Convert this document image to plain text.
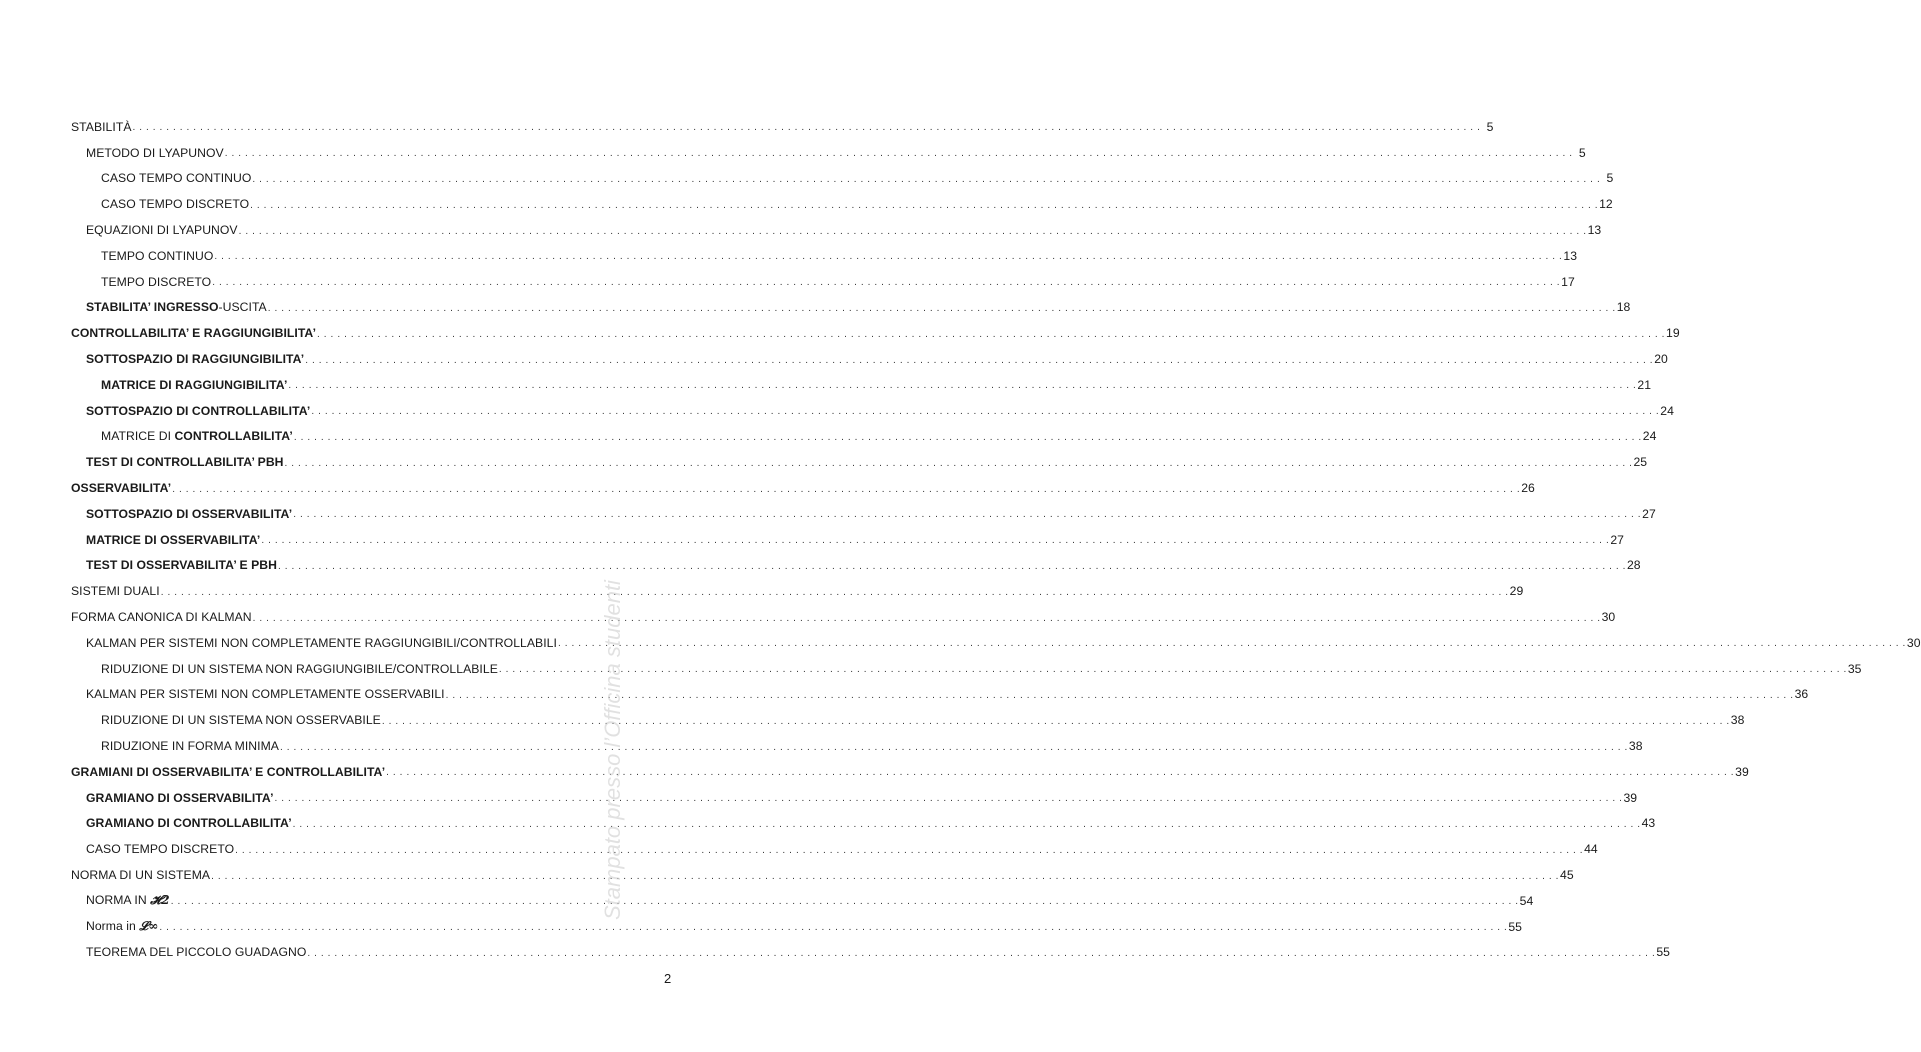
STABILITÀ . . . . . . . . . . . . . . . . . . . . . . . . . . . . . . . . . . . . . . . . . . . . . . . . . . . . . . . . . . . . . . . . . . . . . . . . . . . . . . . . . . . . . . . . . . . . . . . . . . . . . . . . . . . . . . . . . . . . . . . . . . . . . . . . . . . . . . . . . . . . . . . . . . . . . . . . . . . . . . . . . . . . . . . . . . . . . . . . . . . . . . . . . . . . . . . . . . . . . . . . 5
METODO DI LYAPUNOV . . . . . . . . . . . . . . . . . . . . . . . . . . . . . . . . . . . . . . . . . . . . . . . . . . . . . . . . . . . . . . . . . . . . . . . . . . . . . . . . . . . . . . . . . . . . . . . . . . . . . . . . . . . . . . . . . . . . . . . . . . . . . . . . . . . . . . . . . . . . . . . . . . . . . . . . . . . . . . . . . . . . . . . . . . . . . . . . . . . . . . . . . . . . . . . . . . . . . . . . 5
CASO TEMPO CONTINUO . . . . . . . . . . . . . . . . . . . . . . . . . . . . . . . . . . . . . . . . . . . . . . . . . . . . . . . . . . . . . . . . . . . . . . . . . . . . . . . . . . . . . . . . . . . . . . . . . . . . . . . . . . . . . . . . . . . . . . . . . . . . . . . . . . . . . . . . . . . . . . . . . . . . . . . . . . . . . . . . . . . . . . . . . . . . . . . . . . . . . . . . . . . . . . . . . . . . . . . . 5
CASO TEMPO DISCRETO . . . . . . . . . . . . . . . . . . . . . . . . . . . . . . . . . . . . . . . . . . . . . . . . . . . . . . . . . . . . . . . . . . . . . . . . . . . . . . . . . . . . . . . . . . . . . . . . . . . . . . . . . . . . . . . . . . . . . . . . . . . . . . . . . . . . . . . . . . . . . . . . . . . . . . . . . . . . . . . . . . . . . . . . . . . . . . . . . . . . . . . . . . . . . . . . . . . . . . . . 12
EQUAZIONI DI LYAPUNOV . . . . . . . . . . . . . . . . . . . . . . . . . . . . . . . . . . . . . . . . . . . . . . . . . . . . . . . . . . . . . . . . . . . . . . . . . . . . . . . . . . . . . . . . . . . . . . . . . . . . . . . . . . . . . . . . . . . . . . . . . . . . . . . . . . . . . . . . . . . . . . . . . . . . . . . . . . . . . . . . . . . . . . . . . . . . . . . . . . . . . . . . . . . . . . . . . . . . . . . . 13
TEMPO CONTINUO . . . . . . . . . . . . . . . . . . . . . . . . . . . . . . . . . . . . . . . . . . . . . . . . . . . . . . . . . . . . . . . . . . . . . . . . . . . . . . . . . . . . . . . . . . . . . . . . . . . . . . . . . . . . . . . . . . . . . . . . . . . . . . . . . . . . . . . . . . . . . . . . . . . . . . . . . . . . . . . . . . . . . . . . . . . . . . . . . . . . . . . . . . . . . . . . . . . . . . . . 13
TEMPO DISCRETO . . . . . . . . . . . . . . . . . . . . . . . . . . . . . . . . . . . . . . . . . . . . . . . . . . . . . . . . . . . . . . . . . . . . . . . . . . . . . . . . . . . . . . . . . . . . . . . . . . . . . . . . . . . . . . . . . . . . . . . . . . . . . . . . . . . . . . . . . . . . . . . . . . . . . . . . . . . . . . . . . . . . . . . . . . . . . . . . . . . . . . . . . . . . . . . . . . . . . . . . 17
STABILITA’ INGRESSO-USCITA . . . . . . . . . . . . . . . . . . . . . . . . . . . . . . . . . . . . . . . . . . . . . . . . . . . . . . . . . . . . . . . . . . . . . . . . . . . . . . . . . . . . . . . . . . . . . . . . . . . . . . . . . . . . . . . . . . . . . . . . . . . . . . . . . . . . . . . . . . . . . . . . . . . . . . . . . . . . . . . . . . . . . . . . . . . . . . . . . . . . . . . . . . . . . . . . . . . . . . . . 18
CONTROLLABILITA’ E RAGGIUNGIBILITA’ . . . . . . . . . . . . . . . . . . . . . . . . . . . . . . . . . . . . . . . . . . . . . . . . . . . . . . . . . . . . . . . . . . . . . . . . . . . . . . . . . . . . . . . . . . . . . . . . . . . . . . . . . . . . . . . . . . . . . . . . . . . . . . . . . . . . . . . . . . . . . . . . . . . . . . . . . . . . . . . . . . . . . . . . . . . . . . . . . . . . . . . . . . . . . . . . . . . . . . . . 19
SOTTOSPAZIO DI RAGGIUNGIBILITA’ . . . . . . . . . . . . . . . . . . . . . . . . . . . . . . . . . . . . . . . . . . . . . . . . . . . . . . . . . . . . . . . . . . . . . . . . . . . . . . . . . . . . . . . . . . . . . . . . . . . . . . . . . . . . . . . . . . . . . . . . . . . . . . . . . . . . . . . . . . . . . . . . . . . . . . . . . . . . . . . . . . . . . . . . . . . . . . . . . . . . . . . . . . . . . . . . . . . . . . . . 20
MATRICE DI RAGGIUNGIBILITA’ . . . . . . . . . . . . . . . . . . . . . . . . . . . . . . . . . . . . . . . . . . . . . . . . . . . . . . . . . . . . . . . . . . . . . . . . . . . . . . . . . . . . . . . . . . . . . . . . . . . . . . . . . . . . . . . . . . . . . . . . . . . . . . . . . . . . . . . . . . . . . . . . . . . . . . . . . . . . . . . . . . . . . . . . . . . . . . . . . . . . . . . . . . . . . . . . . . . . . . . . 21
SOTTOSPAZIO DI CONTROLLABILITA’ . . . . . . . . . . . . . . . . . . . . . . . . . . . . . . . . . . . . . . . . . . . . . . . . . . . . . . . . . . . . . . . . . . . . . . . . . . . . . . . . . . . . . . . . . . . . . . . . . . . . . . . . . . . . . . . . . . . . . . . . . . . . . . . . . . . . . . . . . . . . . . . . . . . . . . . . . . . . . . . . . . . . . . . . . . . . . . . . . . . . . . . . . . . . . . . . . . . . . . . . 24
MATRICE DI CONTROLLABILITA’ . . . . . . . . . . . . . . . . . . . . . . . . . . . . . . . . . . . . . . . . . . . . . . . . . . . . . . . . . . . . . . . . . . . . . . . . . . . . . . . . . . . . . . . . . . . . . . . . . . . . . . . . . . . . . . . . . . . . . . . . . . . . . . . . . . . . . . . . . . . . . . . . . . . . . . . . . . . . . . . . . . . . . . . . . . . . . . . . . . . . . . . . . . . . . . . . . . . . . . . . 24
TEST DI CONTROLLABILITA’ PBH . . . . . . . . . . . . . . . . . . . . . . . . . . . . . . . . . . . . . . . . . . . . . . . . . . . . . . . . . . . . . . . . . . . . . . . . . . . . . . . . . . . . . . . . . . . . . . . . . . . . . . . . . . . . . . . . . . . . . . . . . . . . . . . . . . . . . . . . . . . . . . . . . . . . . . . . . . . . . . . . . . . . . . . . . . . . . . . . . . . . . . . . . . . . . . . . . . . . . . . . 25
OSSERVABILITA’ . . . . . . . . . . . . . . . . . . . . . . . . . . . . . . . . . . . . . . . . . . . . . . . . . . . . . . . . . . . . . . . . . . . . . . . . . . . . . . . . . . . . . . . . . . . . . . . . . . . . . . . . . . . . . . . . . . . . . . . . . . . . . . . . . . . . . . . . . . . . . . . . . . . . . . . . . . . . . . . . . . . . . . . . . . . . . . . . . . . . . . . . . . . . . . . . . . . . . . . . 26
SOTTOSPAZIO DI OSSERVABILITA’ . . . . . . . . . . . . . . . . . . . . . . . . . . . . . . . . . . . . . . . . . . . . . . . . . . . . . . . . . . . . . . . . . . . . . . . . . . . . . . . . . . . . . . . . . . . . . . . . . . . . . . . . . . . . . . . . . . . . . . . . . . . . . . . . . . . . . . . . . . . . . . . . . . . . . . . . . . . . . . . . . . . . . . . . . . . . . . . . . . . . . . . . . . . . . . . . . . . . . . . . 27
MATRICE DI OSSERVABILITA’ . . . . . . . . . . . . . . . . . . . . . . . . . . . . . . . . . . . . . . . . . . . . . . . . . . . . . . . . . . . . . . . . . . . . . . . . . . . . . . . . . . . . . . . . . . . . . . . . . . . . . . . . . . . . . . . . . . . . . . . . . . . . . . . . . . . . . . . . . . . . . . . . . . . . . . . . . . . . . . . . . . . . . . . . . . . . . . . . . . . . . . . . . . . . . . . . . . . . . . . . 27
TEST DI OSSERVABILITA’ E PBH . . . . . . . . . . . . . . . . . . . . . . . . . . . . . . . . . . . . . . . . . . . . . . . . . . . . . . . . . . . . . . . . . . . . . . . . . . . . . . . . . . . . . . . . . . . . . . . . . . . . . . . . . . . . . . . . . . . . . . . . . . . . . . . . . . . . . . . . . . . . . . . . . . . . . . . . . . . . . . . . . . . . . . . . . . . . . . . . . . . . . . . . . . . . . . . . . . . . . . . . 28
SISTEMI DUALI . . . . . . . . . . . . . . . . . . . . . . . . . . . . . . . . . . . . . . . . . . . . . . . . . . . . . . . . . . . . . . . . . . . . . . . . . . . . . . . . . . . . . . . . . . . . . . . . . . . . . . . . . . . . . . . . . . . . . . . . . . . . . . . . . . . . . . . . . . . . . . . . . . . . . . . . . . . . . . . . . . . . . . . . . . . . . . . . . . . . . . . . . . . . . . . . . . . . . . . . 29
FORMA CANONICA DI KALMAN . . . . . . . . . . . . . . . . . . . . . . . . . . . . . . . . . . . . . . . . . . . . . . . . . . . . . . . . . . . . . . . . . . . . . . . . . . . . . . . . . . . . . . . . . . . . . . . . . . . . . . . . . . . . . . . . . . . . . . . . . . . . . . . . . . . . . . . . . . . . . . . . . . . . . . . . . . . . . . . . . . . . . . . . . . . . . . . . . . . . . . . . . . . . . . . . . . . . . . . . 30
KALMAN PER SISTEMI NON COMPLETAMENTE RAGGIUNGIBILI/CONTROLLABILI . . . . . . . . . . . . . . . . . . . . . . . . . . . . . . . . . . . . . . . . . . . . . . . . . . . . . . . . . . . . . . . . . . . . . . . . . . . . . . . . . . . . . . . . . . . . . . . . . . . . . . . . . . . . . . . . . . . . . . . . . . . . . . . . . . . . . . . . . . . . . . . . . . . . . . . . . . . . . . . . . . . . . . . . . . . . . . . . . . . . . . . . . . . . . . . . . . . . . . . . 30
RIDUZIONE DI UN SISTEMA NON RAGGIUNGIBILE/CONTROLLABILE . . . . . . . . . . . . . . . . . . . . . . . . . . . . . . . . . . . . . . . . . . . . . . . . . . . . . . . . . . . . . . . . . . . . . . . . . . . . . . . . . . . . . . . . . . . . . . . . . . . . . . . . . . . . . . . . . . . . . . . . . . . . . . . . . . . . . . . . . . . . . . . . . . . . . . . . . . . . . . . . . . . . . . . . . . . . . . . . . . . . . . . . . . . . . . . . . . . . . . . . 35
KALMAN PER SISTEMI NON COMPLETAMENTE OSSERVABILI . . . . . . . . . . . . . . . . . . . . . . . . . . . . . . . . . . . . . . . . . . . . . . . . . . . . . . . . . . . . . . . . . . . . . . . . . . . . . . . . . . . . . . . . . . . . . . . . . . . . . . . . . . . . . . . . . . . . . . . . . . . . . . . . . . . . . . . . . . . . . . . . . . . . . . . . . . . . . . . . . . . . . . . . . . . . . . . . . . . . . . . . . . . . . . . . . . . . . . . . 36
RIDUZIONE DI UN SISTEMA NON OSSERVABILE . . . . . . . . . . . . . . . . . . . . . . . . . . . . . . . . . . . . . . . . . . . . . . . . . . . . . . . . . . . . . . . . . . . . . . . . . . . . . . . . . . . . . . . . . . . . . . . . . . . . . . . . . . . . . . . . . . . . . . . . . . . . . . . . . . . . . . . . . . . . . . . . . . . . . . . . . . . . . . . . . . . . . . . . . . . . . . . . . . . . . . . . . . . . . . . . . . . . . . . . 38
RIDUZIONE IN FORMA MINIMA . . . . . . . . . . . . . . . . . . . . . . . . . . . . . . . . . . . . . . . . . . . . . . . . . . . . . . . . . . . . . . . . . . . . . . . . . . . . . . . . . . . . . . . . . . . . . . . . . . . . . . . . . . . . . . . . . . . . . . . . . . . . . . . . . . . . . . . . . . . . . . . . . . . . . . . . . . . . . . . . . . . . . . . . . . . . . . . . . . . . . . . . . . . . . . . . . . . . . . . . 38
GRAMIANI DI OSSERVABILITA’ E CONTROLLABILITA’ . . . . . . . . . . . . . . . . . . . . . . . . . . . . . . . . . . . . . . . . . . . . . . . . . . . . . . . . . . . . . . . . . . . . . . . . . . . . . . . . . . . . . . . . . . . . . . . . . . . . . . . . . . . . . . . . . . . . . . . . . . . . . . . . . . . . . . . . . . . . . . . . . . . . . . . . . . . . . . . . . . . . . . . . . . . . . . . . . . . . . . . . . . . . . . . . . . . . . . . . 39
GRAMIANO DI OSSERVABILITA’ . . . . . . . . . . . . . . . . . . . . . . . . . . . . . . . . . . . . . . . . . . . . . . . . . . . . . . . . . . . . . . . . . . . . . . . . . . . . . . . . . . . . . . . . . . . . . . . . . . . . . . . . . . . . . . . . . . . . . . . . . . . . . . . . . . . . . . . . . . . . . . . . . . . . . . . . . . . . . . . . . . . . . . . . . . . . . . . . . . . . . . . . . . . . . . . . . . . . . . . . 39
GRAMIANO DI CONTROLLABILITA’ . . . . . . . . . . . . . . . . . . . . . . . . . . . . . . . . . . . . . . . . . . . . . . . . . . . . . . . . . . . . . . . . . . . . . . . . . . . . . . . . . . . . . . . . . . . . . . . . . . . . . . . . . . . . . . . . . . . . . . . . . . . . . . . . . . . . . . . . . . . . . . . . . . . . . . . . . . . . . . . . . . . . . . . . . . . . . . . . . . . . . . . . . . . . . . . . . . . . . . . . 43
CASO TEMPO DISCRETO . . . . . . . . . . . . . . . . . . . . . . . . . . . . . . . . . . . . . . . . . . . . . . . . . . . . . . . . . . . . . . . . . . . . . . . . . . . . . . . . . . . . . . . . . . . . . . . . . . . . . . . . . . . . . . . . . . . . . . . . . . . . . . . . . . . . . . . . . . . . . . . . . . . . . . . . . . . . . . . . . . . . . . . . . . . . . . . . . . . . . . . . . . . . . . . . . . . . . . . . 44
NORMA DI UN SISTEMA . . . . . . . . . . . . . . . . . . . . . . . . . . . . . . . . . . . . . . . . . . . . . . . . . . . . . . . . . . . . . . . . . . . . . . . . . . . . . . . . . . . . . . . . . . . . . . . . . . . . . . . . . . . . . . . . . . . . . . . . . . . . . . . . . . . . . . . . . . . . . . . . . . . . . . . . . . . . . . . . . . . . . . . . . . . . . . . . . . . . . . . . . . . . . . . . . . . . . . . . 45
NORMA IN 𝓗2 . . . . . . . . . . . . . . . . . . . . . . . . . . . . . . . . . . . . . . . . . . . . . . . . . . . . . . . . . . . . . . . . . . . . . . . . . . . . . . . . . . . . . . . . . . . . . . . . . . . . . . . . . . . . . . . . . . . . . . . . . . . . . . . . . . . . . . . . . . . . . . . . . . . . . . . . . . . . . . . . . . . . . . . . . . . . . . . . . . . . . . . . . . . . . . . . . . . . . . . . 54
Norma in 𝓛∞ . . . . . . . . . . . . . . . . . . . . . . . . . . . . . . . . . . . . . . . . . . . . . . . . . . . . . . . . . . . . . . . . . . . . . . . . . . . . . . . . . . . . . . . . . . . . . . . . . . . . . . . . . . . . . . . . . . . . . . . . . . . . . . . . . . . . . . . . . . . . . . . . . . . . . . . . . . . . . . . . . . . . . . . . . . . . . . . . . . . . . . . . . . . . . . . . . . . . . . . . 55
TEOREMA DEL PICCOLO GUADAGNO . . . . . . . . . . . . . . . . . . . . . . . . . . . . . . . . . . . . . . . . . . . . . . . . . . . . . . . . . . . . . . . . . . . . . . . . . . . . . . . . . . . . . . . . . . . . . . . . . . . . . . . . . . . . . . . . . . . . . . . . . . . . . . . . . . . . . . . . . . . . . . . . . . . . . . . . . . . . . . . . . . . . . . . . . . . . . . . . . . . . . . . . . . . . . . . . . . . . . . . . 55
2
Stampato presso l’Officina studenti
